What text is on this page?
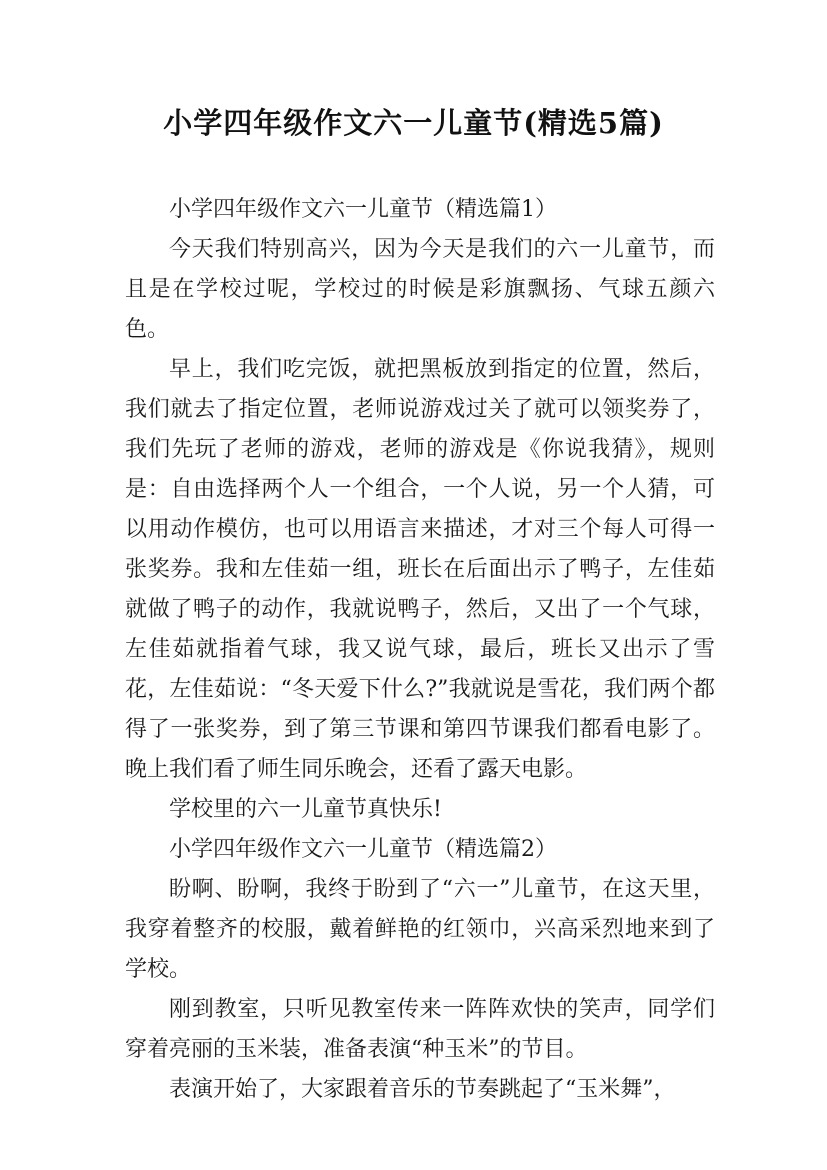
小学四年级作文六一儿童节(精选5篇)

小学四年级作文六一儿童节（精选篇1）

今天我们特别高兴，因为今天是我们的六一儿童节，而且是在学校过呢，学校过的时候是彩旗飘扬、气球五颜六色。

早上，我们吃完饭，就把黑板放到指定的位置，然后，我们就去了指定位置，老师说游戏过关了就可以领奖券了，我们先玩了老师的游戏，老师的游戏是《你说我猜》，规则是：自由选择两个人一个组合，一个人说，另一个人猜，可以用动作模仿，也可以用语言来描述，才对三个每人可得一张奖券。我和左佳茹一组，班长在后面出示了鸭子，左佳茹就做了鸭子的动作，我就说鸭子，然后，又出了一个气球，左佳茹就指着气球，我又说气球，最后，班长又出示了雪花，左佳茹说：“冬天爱下什么?”我就说是雪花，我们两个都得了一张奖券，到了第三节课和第四节课我们都看电影了。晚上我们看了师生同乐晚会，还看了露天电影。

学校里的六一儿童节真快乐!

小学四年级作文六一儿童节（精选篇2）

盼啊、盼啊，我终于盼到了“六一”儿童节，在这天里，我穿着整齐的校服，戴着鲜艳的红领巾，兴高采烈地来到了学校。

刚到教室，只听见教室传来一阵阵欢快的笑声，同学们穿着亮丽的玉米装，准备表演“种玉米”的节目。

表演开始了，大家跟着音乐的节奏跳起了“玉米舞”，
